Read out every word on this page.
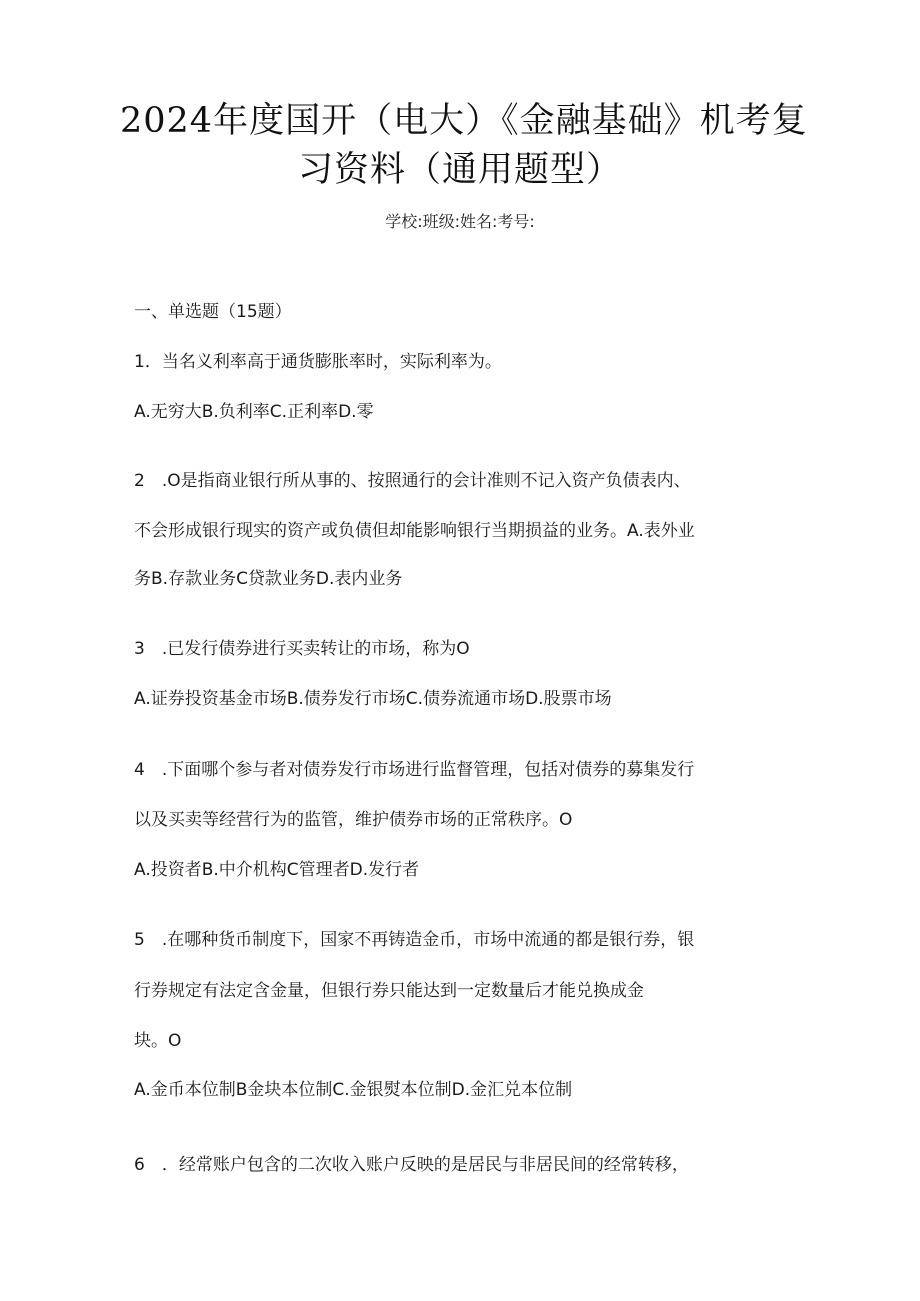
2024年度国开（电大）《金融基础》机考复
习资料（通用题型）
学校:班级:姓名:考号:
一、单选题（15题）
1．当名义利率高于通货膨胀率时，实际利率为。
A.无穷大B.负利率C.正利率D.零
2　.O是指商业银行所从事的、按照通行的会计准则不记入资产负债表内、
不会形成银行现实的资产或负债但却能影响银行当期损益的业务。A.表外业
务B.存款业务C贷款业务D.表内业务
3　.已发行债券进行买卖转让的市场，称为O
A.证券投资基金市场B.债券发行市场C.债券流通市场D.股票市场
4　.下面哪个参与者对债券发行市场进行监督管理，包括对债券的募集发行
以及买卖等经营行为的监管，维护债券市场的正常秩序。O
A.投资者B.中介机构C管理者D.发行者
5　.在哪种货币制度下，国家不再铸造金币，市场中流通的都是银行券，银
行券规定有法定含金量，但银行券只能达到一定数量后才能兑换成金
块。O
A.金币本位制B金块本位制C.金银熨本位制D.金汇兑本位制
6　．经常账户包含的二次收入账户反映的是居民与非居民间的经常转移，
